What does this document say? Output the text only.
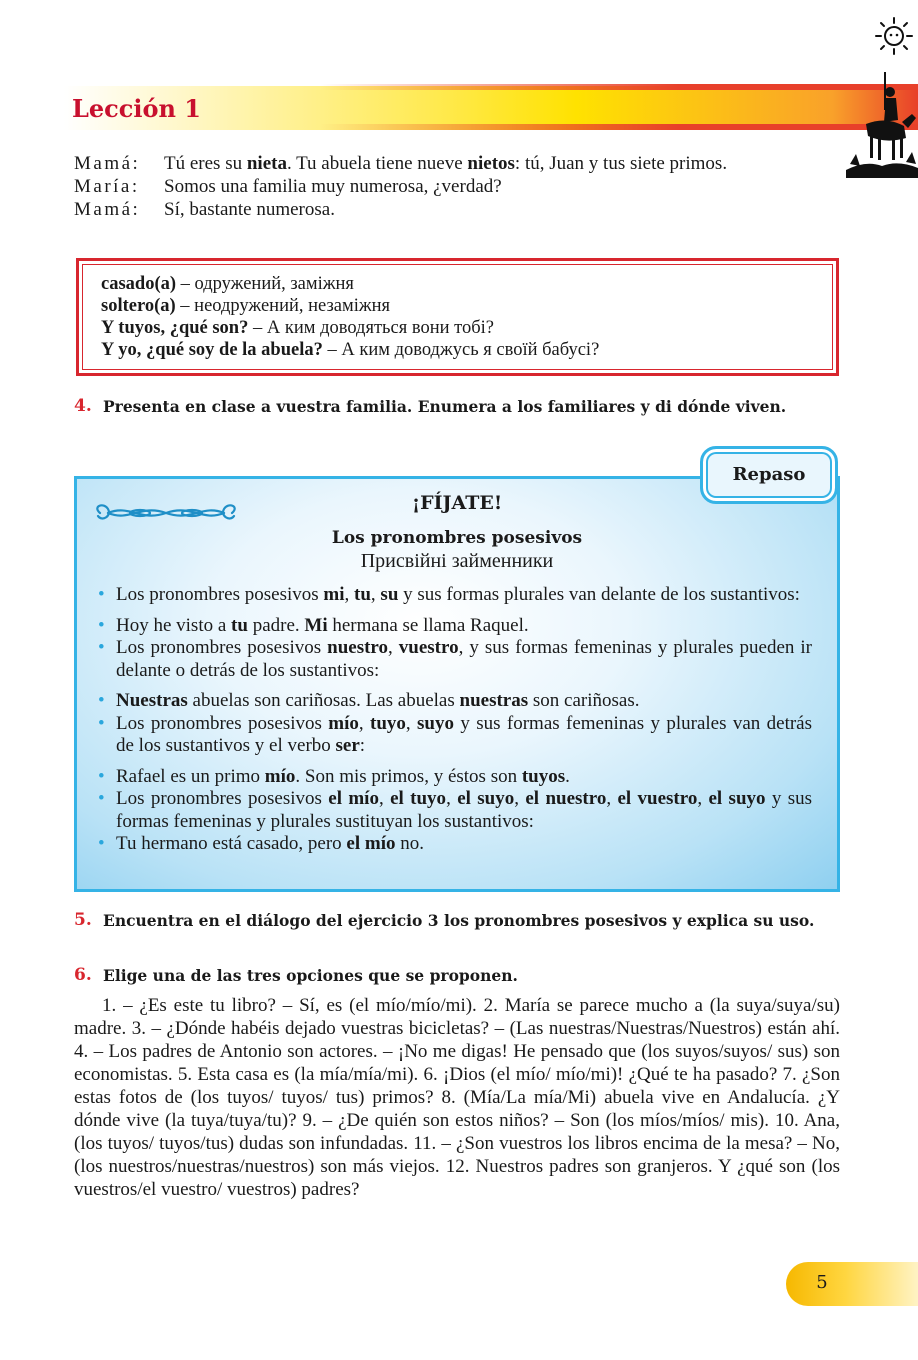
Lección 1
Mamá:	Tú eres su nieta. Tu abuela tiene nueve nietos: tú, Juan y tus siete primos.
María:	Somos una familia muy numerosa, ¿verdad?
Mamá:	Sí, bastante numerosa.
casado(a) – одружений, заміжня
soltero(a) – неодружений, незаміжня
Y tuyos, ¿qué son? – А ким доводяться вони тобі?
Y yo, ¿qué soy de la abuela? – А ким доводжусь я своїй бабусі?
4. Presenta en clase a vuestra familia. Enumera a los familiares y di dónde viven.
Repaso
¡FÍJATE!
Los pronombres posesivos
Присвійні займенники
• Los pronombres posesivos mi, tu, su y sus formas plurales van delante de los sustantivos:
• Hoy he visto a tu padre. Mi hermana se llama Raquel.
• Los pronombres posesivos nuestro, vuestro, y sus formas femeninas y plurales pueden ir delante o detrás de los sustantivos:
• Nuestras abuelas son cariñosas. Las abuelas nuestras son cariñosas.
• Los pronombres posesivos mío, tuyo, suyo y sus formas femeninas y plurales van detrás de los sustantivos y el verbo ser:
• Rafael es un primo mío. Son mis primos, y éstos son tuyos.
• Los pronombres posesivos el mío, el tuyo, el suyo, el nuestro, el vuestro, el suyo y sus formas femeninas y plurales sustituyan los sustantivos:
• Tu hermano está casado, pero el mío no.
5. Encuentra en el diálogo del ejercicio 3 los pronombres posesivos y explica su uso.
6. Elige una de las tres opciones que se proponen.
1. – ¿Es este tu libro? – Sí, es (el mío/mío/mi). 2. María se parece mucho a (la suya/suya/su) madre. 3. – ¿Dónde habéis dejado vuestras bicicletas? – (Las nuestras/Nuestras/Nuestros) están ahí. 4. – Los padres de Antonio son actores. – ¡No me digas! He pensado que (los suyos/suyos/ sus) son economistas. 5. Esta casa es (la mía/mía/mi). 6. ¡Dios (el mío/ mío/mi)! ¿Qué te ha pasado? 7. ¿Son estas fotos de (los tuyos/ tuyos/ tus) primos? 8. (Mía/La mía/Mi) abuela vive en Andalucía. ¿Y dónde vive (la tuya/tuya/tu)? 9. – ¿De quién son estos niños? – Son (los míos/míos/ mis). 10. Ana, (los tuyos/ tuyos/tus) dudas son infundadas. 11. – ¿Son vuestros los libros encima de la mesa? – No, (los nuestros/nuestras/nuestros) son más viejos. 12. Nuestros padres son granjeros. Y ¿qué son (los vuestros/el vuestro/ vuestros) padres?
5
